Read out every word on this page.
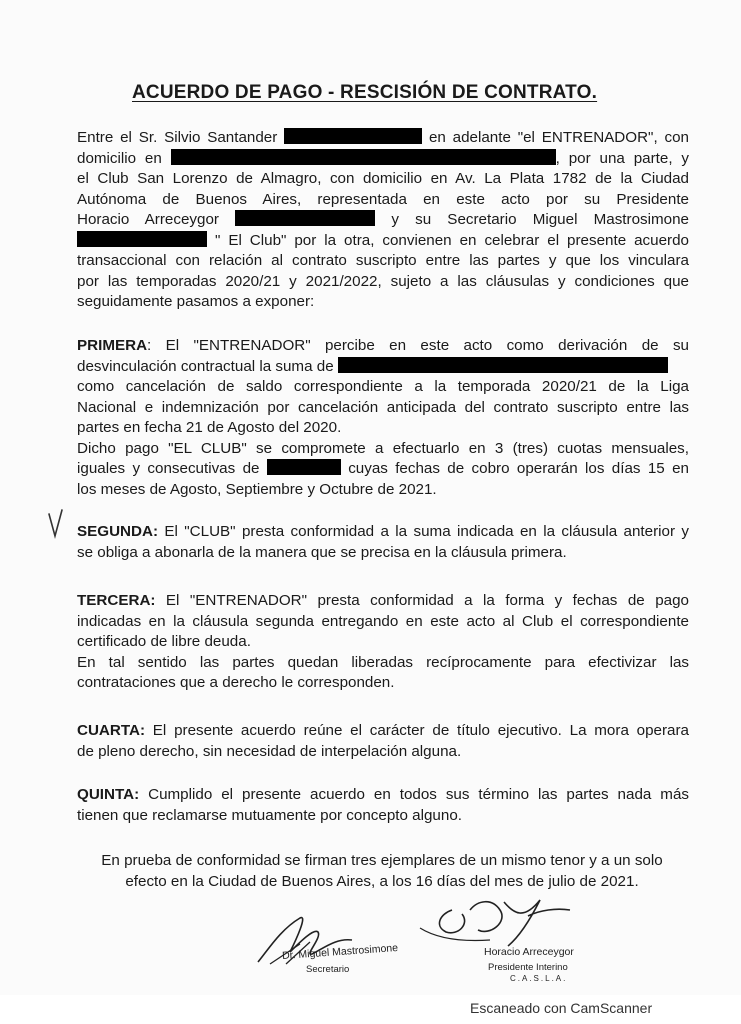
ACUERDO DE PAGO - RESCISIÓN DE CONTRATO.
Entre el Sr. Silvio Santander	en adelante "el ENTRENADOR", con
domicilio en	, por una parte, y
el Club San Lorenzo de Almagro, con domicilio en Av. La Plata 1782 de la Ciudad
Autónoma de Buenos Aires, representada en este acto por su Presidente
Horacio Arreceygor	y su Secretario Miguel Mastrosimone
" El Club" por la otra, convienen en celebrar el presente acuerdo
transaccional con relación al contrato suscripto entre las partes y que los vinculara
por las temporadas 2020/21 y 2021/2022, sujeto a las cláusulas y condiciones que
seguidamente pasamos a exponer:
PRIMERA: El "ENTRENADOR" percibe en este acto como derivación de su
desvinculación contractual la suma de
como cancelación de saldo correspondiente a la temporada 2020/21 de la Liga
Nacional e indemnización por cancelación anticipada del contrato suscripto entre las
partes en fecha 21 de Agosto del 2020.
Dicho pago "EL CLUB" se compromete a efectuarlo en 3 (tres) cuotas mensuales,
iguales y consecutivas de	cuyas fechas de cobro operarán los días 15 en
los meses de Agosto, Septiembre y Octubre de 2021.
SEGUNDA: El "CLUB" presta conformidad a la suma indicada en la cláusula anterior y
se obliga a abonarla de la manera que se precisa en la cláusula primera.
TERCERA: El "ENTRENADOR" presta conformidad a la forma y fechas de pago
indicadas en la cláusula segunda entregando en este acto al Club el correspondiente
certificado de libre deuda.
En tal sentido las partes quedan liberadas recíprocamente para efectivizar las
contrataciones que a derecho le corresponden.
CUARTA: El presente acuerdo reúne el carácter de título ejecutivo. La mora operara
de pleno derecho, sin necesidad de interpelación alguna.
QUINTA: Cumplido el presente acuerdo en todos sus término las partes nada más
tienen que reclamarse mutuamente por concepto alguno.
En prueba de conformidad se firman tres ejemplares de un mismo tenor y a un solo
efecto en la Ciudad de Buenos Aires, a los 16 días del mes de julio de 2021.
Dr. Miguel Mastrosimone
Secretario
Horacio Arreceygor
Presidente Interino
C.A.S.L.A.
Escaneado con CamScanner
